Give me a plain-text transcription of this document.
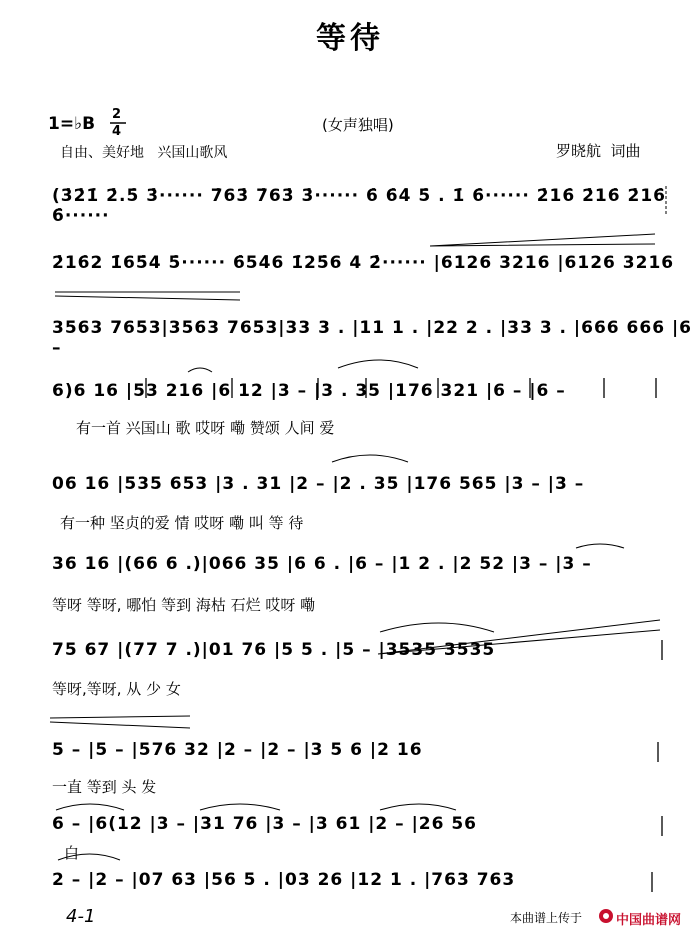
等待
1=♭B 2
4	(女声独唱)
自由、美好地   兴国山歌风	罗晓航  词曲
(3̇2̇1̇ 2̇.5̇ 3̇······ 7̇63̇ 7̇63̇ 3̇······ 6̇ 6̇4̇ 5̇ . 1̇ 6̇······ 2̇16̇ 2̇16̇ 2̇16̇ 6̇······
2̇16̇2 1̇65̇4 5̇······ 6̇54̇6 1̇25̇6 4 2̇······ |6126 3216 |6126 3216
3563 7653|3563 7653|33 3 . |11 1 . |22 2 . |33 3 . |666 666 |6 –
6)6 16 |53 216 |6 12 |3 – |3 . 35 |176 321 |6 – |6 –
有一首 兴国山 歌 哎呀 嘞 赞颂 人间 爱
06 16 |535 653 |3 . 31 |2 – |2 . 35 |176 565 |3 – |3 –
有一种 坚贞的爱 情 哎呀 嘞 叫 等 待
36 16 |(66 6 .)|066 35 |6 6 . |6 – |1 2 . |2 52 |3 – |3 –
等呀 等呀, 哪怕 等到 海枯 石烂 哎呀 嘞
75 67 |(77 7 .)|01 76 |5 5 . |5 – |3535 3535
等呀,等呀, 从 少 女
5 – |5 – |576 32 |2 – |2 – |3 5 6 |2 16
一直 等到 头 发
6 – |6(12 |3 – |31 76 |3 – |3 61 |2 – |26 56
白
2 – |2 – |07 63 |56 5 . |03 26 |12 1 . |763 763
4-1	本曲谱上传于	中国曲谱网
